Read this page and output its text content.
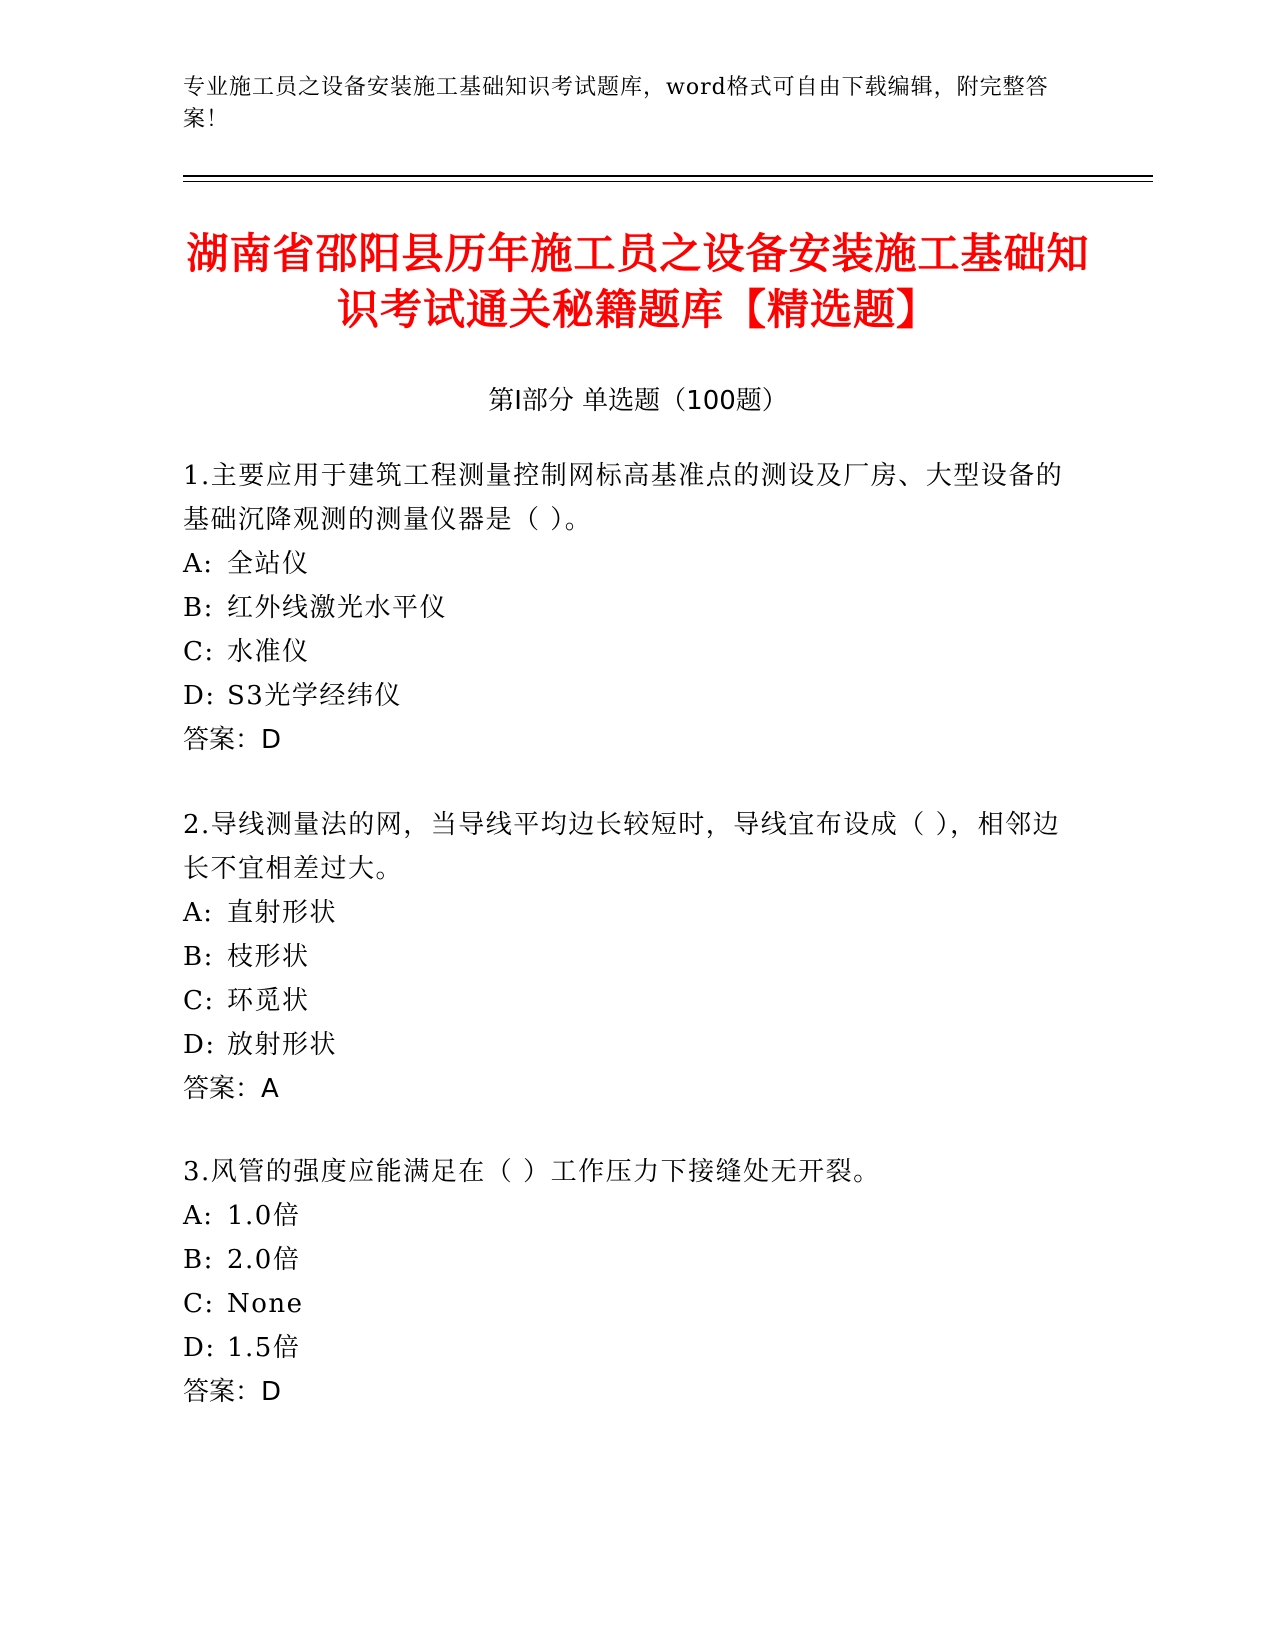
专业施工员之设备安装施工基础知识考试题库，word格式可自由下载编辑，附完整答案！
湖南省邵阳县历年施工员之设备安装施工基础知识考试通关秘籍题库【精选题】
第I部分 单选题（100题）

1.主要应用于建筑工程测量控制网标高基准点的测设及厂房、大型设备的基础沉降观测的测量仪器是（ ）。

A: 全站仪

B: 红外线激光水平仪

C: 水准仪

D: S3光学经纬仪

答案：D

2.导线测量法的网，当导线平均边长较短时，导线宜布设成（ ），相邻边长不宜相差过大。

A: 直射形状

B: 枝形状

C: 环觅状

D: 放射形状

答案：A

3.风管的强度应能满足在（ ）工作压力下接缝处无开裂。

A: 1.0倍

B: 2.0倍

C: None

D: 1.5倍

答案：D
